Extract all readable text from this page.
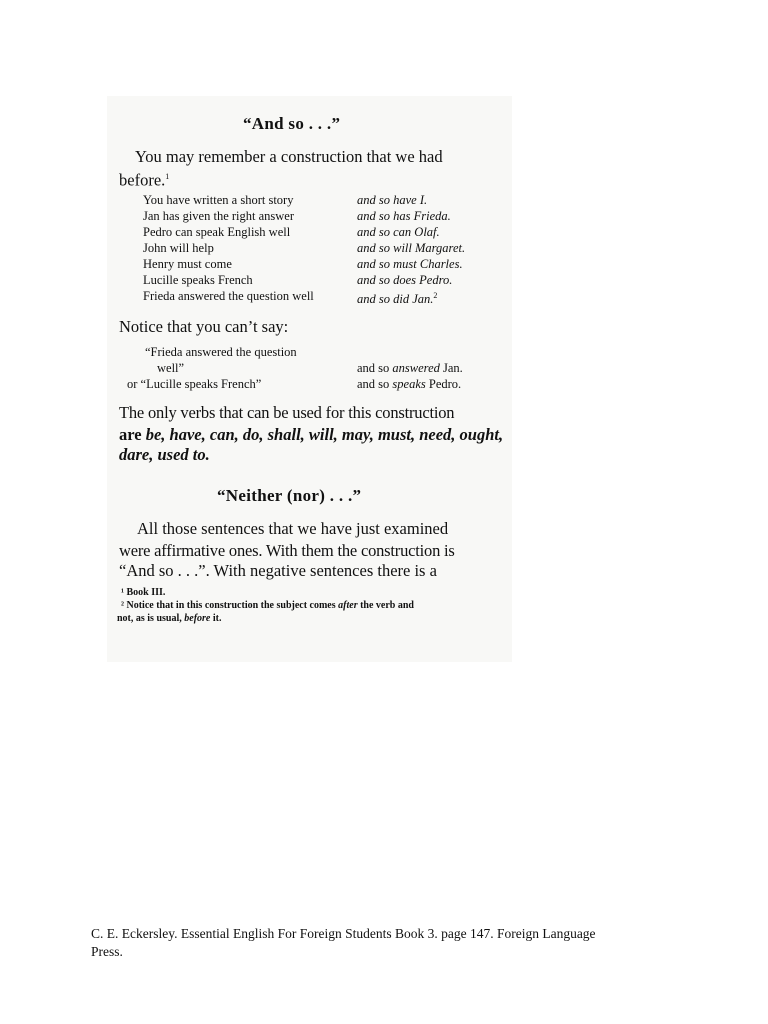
“And so . . .”
You may remember a construction that we had
before.$^1$
You have written a short story
Jan has given the right answer
Pedro can speak English well
John will help
Henry must come
Lucille speaks French
Frieda answered the question well
and so have I.
and so has Frieda.
and so can Olaf.
and so will Margaret.
and so must Charles.
and so does Pedro.
and so did Jan.$^2$
Notice that you can’t say:
“Frieda answered the question
well”	and so answered Jan.
or “Lucille speaks French”	and so speaks Pedro.
The only verbs that can be used for this construction
are be, have, can, do, shall, will, may, must, need, ought,
dare, used to.
“Neither (nor) . . .”
All those sentences that we have just examined
were affirmative ones. With them the construction is
“And so . . .”. With negative sentences there is a
¹ Book III.
² Notice that in this construction the subject comes after the verb and
not, as is usual, before it.
C. E. Eckersley. Essential English For Foreign Students Book 3. page 147. Foreign Language
Press.
